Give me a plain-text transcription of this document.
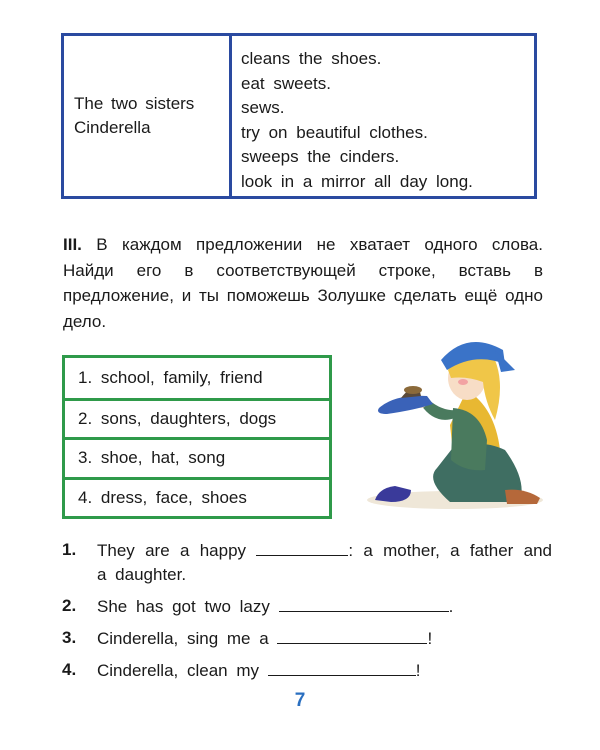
The two sisters
Cinderella
cleans the shoes.
eat sweets.
sews.
try on beautiful clothes.
sweeps the cinders.
look in a mirror all day long.
III. В каждом предложении не хватает одного слова. Найди его в соответствующей строке, вставь в предложение, и ты поможешь Золушке сделать ещё одно дело.
1. school, family, friend
2. sons, daughters, dogs
3. shoe, hat, song
4. dress, face, shoes
1.	They are a happy	: a mother, a father and a daughter.
2.	She has got two lazy	.
3.	Cinderella, sing me a	!
4.	Cinderella, clean my	!
7
